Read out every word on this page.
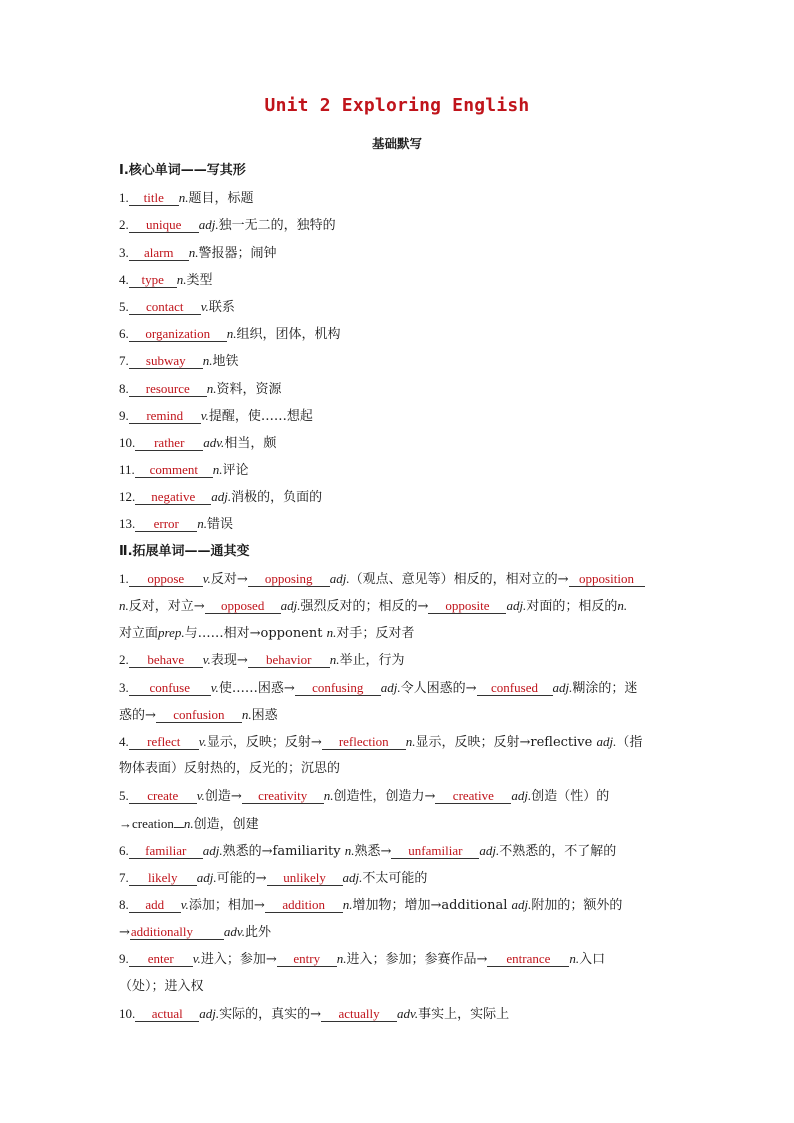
Unit 2 Exploring English
基础默写
Ⅰ.核心单词——写其形
1. title n.题目，标题
2. unique adj.独一无二的，独特的
3. alarm n.警报器；闹钟
4. type n.类型
5. contact v.联系
6. organization n.组织，团体，机构
7. subway n.地铁
8. resource n.资料，资源
9. remind v.提醒，使……想起
10. rather adv.相当，颇
11. comment n.评论
12. negative adj.消极的，负面的
13. error n.错误
Ⅱ.拓展单词——通其变
1. oppose v.反对→ opposing adj.（观点、意见等）相反的，相对立的→ opposition
n.反对，对立→ opposed adj.强烈反对的；相反的→ opposite adj.对面的；相反的n.
对立面prep.与……相对→opponent n.对手；反对者
2. behave v.表现→ behavior n.举止，行为
3. confuse v.使……困惑→ confusing adj.令人困惑的→ confused adj.糊涂的；迷
惑的→ confusion n.困惑
4. reflect v.显示，反映；反射→ reflection n.显示，反映；反射→reflective adj.（指
物体表面）反射热的，反光的；沉思的
5. create v.创造→ creativity n.创造性，创造力→ creative adj.创造（性）的
→creation n.创造，创建
6. familiar adj.熟悉的→familiarity n.熟悉→ unfamiliar adj.不熟悉的，不了解的
7. likely adj.可能的→ unlikely adj.不太可能的
8. add v.添加；相加→ addition n.增加物；增加→additional adj.附加的；额外的
→additionally adv.此外
9. enter v.进入；参加→ entry n.进入；参加；参赛作品→ entrance n.入口
（处）；进入权
10. actual adj.实际的，真实的→ actually adv.事实上，实际上
